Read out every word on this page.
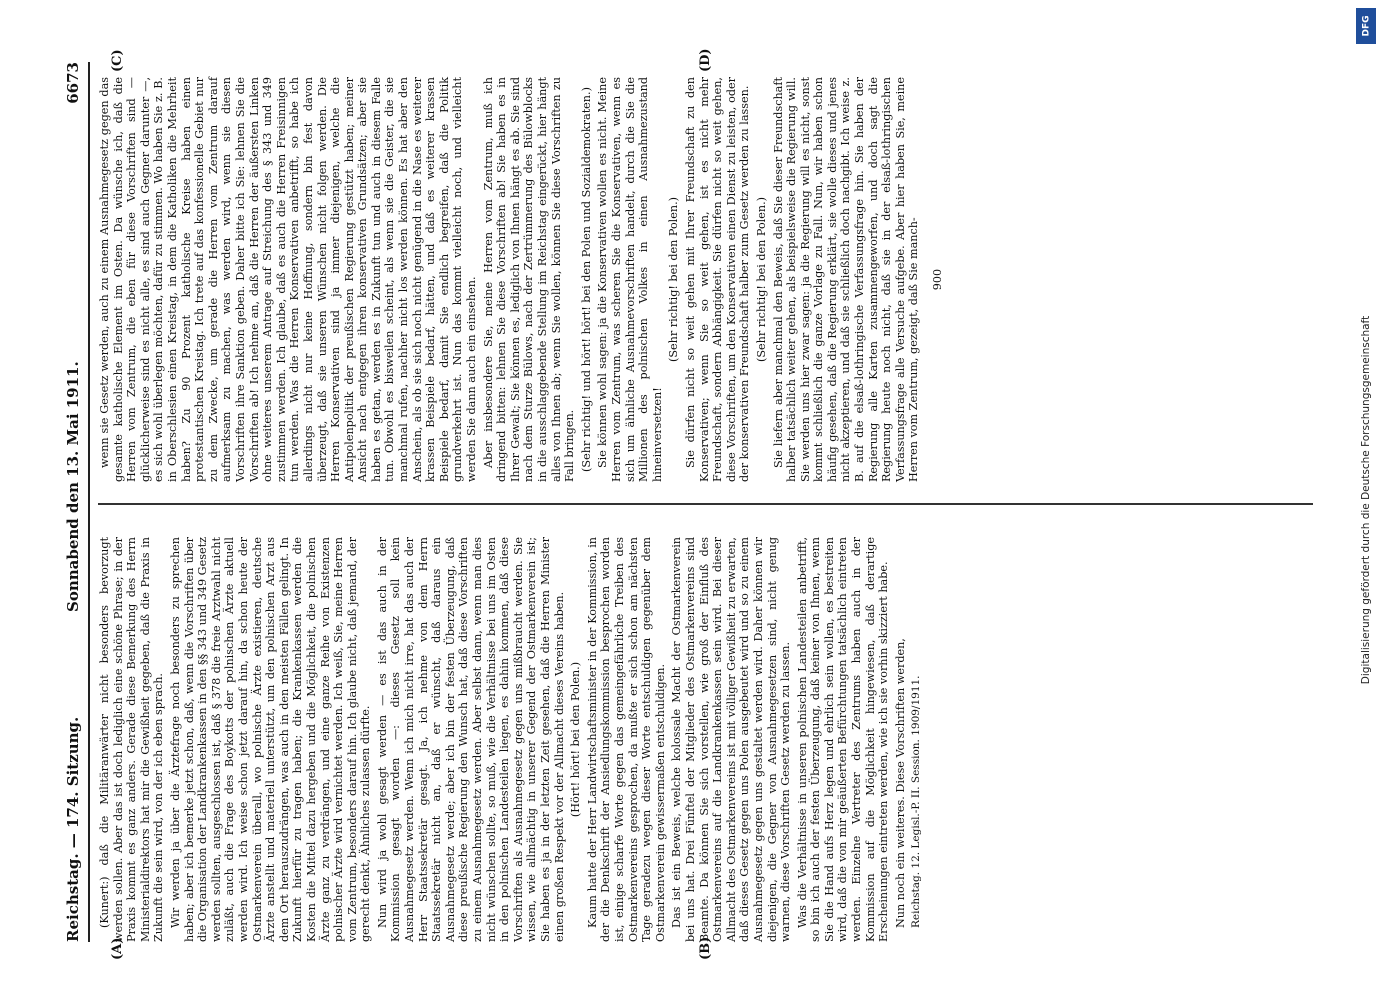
Reichstag. — 174. Sitzung.
Sonnabend den 13. Mai 1911.
6673
(A)	(B)
(C)	(D)

(Kunert:) daß die Militäranwärter nicht besonders bevorzugt werden sollen. Aber das ist doch lediglich eine schöne Phrase; in der Praxis kommt es ganz anders. Gerade diese Bemerkung des Herrn Ministerialdirektors hat mir die Gewißheit gegeben, daß die Praxis in Zukunft die sein wird, von der ich eben sprach. Wir werden ja über die Ärztefrage noch besonders zu sprechen haben; aber ich bemerke jetzt schon, daß, wenn die Vorschriften über die Organisation der Landkrankenkassen in den §§ 343 und 349 Gesetz werden sollten, ausgeschlossen ist, daß § 378 die freie Arztwahl nicht zuläßt, auch die Frage des Boykotts der polnischen Ärzte aktuell werden wird. Ich weise schon jetzt darauf hin, da schon heute der Ostmarkenverein überall, wo polnische Ärzte existieren, deutsche Ärzte anstellt und materiell unterstützt, um den polnischen Arzt aus dem Ort herauszudrängen, was auch in den meisten Fällen gelingt. In Zukunft hierfür zu tragen haben; die Krankenkassen werden die Kosten die Mittel dazu hergeben und die Möglichkeit, die polnischen Ärzte ganz zu verdrängen, und eine ganze Reihe von Existenzen polnischer Ärzte wird vernichtet werden. Ich weiß, Sie, meine Herren vom Zentrum, besonders darauf hin. Ich glaube nicht, daß jemand, der gerecht denkt, Ähnliches zulassen dürfte. Nun wird ja wohl gesagt werden — es ist das auch in der Kommission gesagt worden —: dieses Gesetz soll kein Ausnahmegesetz werden. Wenn ich mich nicht irre, hat das auch der Herr Staatssekretär gesagt. Ja, ich nehme von dem Herrn Staatssekretär nicht an, daß er wünscht, daß daraus ein Ausnahmegesetz werde; aber ich bin der festen Überzeugung, daß diese preußische Regierung den Wunsch hat, daß diese Vorschriften zu einem Ausnahmegesetz werden. Aber selbst dann, wenn man dies nicht wünschen sollte, so muß, wie die Verhältnisse bei uns im Osten in den polnischen Landesteilen liegen, es dahin kommen, daß diese Vorschriften als Ausnahmegesetz gegen uns mißbraucht werden. Sie wissen, wie allmächtig in unserer Gegend der Ostmarkenverein ist; Sie haben es ja in der letzten Zeit gesehen, daß die Herren Minister einen großen Respekt vor der Allmacht dieses Vereins haben. (Hört! hört! bei den Polen.) Kaum hatte der Herr Landwirtschaftsminister in der Kommission, in der die Denkschrift der Ansiedlungskommission besprochen worden ist, einige scharfe Worte gegen das gemeingefährliche Treiben des Ostmarkenvereins gesprochen, da mußte er sich schon am nächsten Tage geradezu wegen dieser Worte entschuldigen gegenüber dem Ostmarkenverein gewissermaßen entschuldigen. Das ist ein Beweis, welche kolossale Macht der Ostmarkenverein bei uns hat. Drei Fünftel der Mitglieder des Ostmarkenvereins sind Beamte. Da können Sie sich vorstellen, wie groß der Einfluß des Ostmarkenvereins auf die Landkrankenkassen sein wird. Bei dieser Allmacht des Ostmarkenvereins ist mit völliger Gewißheit zu erwarten, daß dieses Gesetz gegen uns Polen ausgebeutet wird und so zu einem Ausnahmegesetz gegen uns gestaltet werden wird. Daher können wir diejenigen, die Gegner von Ausnahmegesetzen sind, nicht genug warnen, diese Vorschriften Gesetz werden zu lassen. Was die Verhältnisse in unseren polnischen Landesteilen anbetrifft, so bin ich auch der festen Überzeugung, daß keiner von Ihnen, wenn Sie die Hand aufs Herz legen und ehrlich sein wollen, es bestreiten wird, daß die von mir geäußerten Befürchtungen tatsächlich eintreten werden. Einzelne Vertreter des Zentrums haben auch in der Kommission auf die Möglichkeit hingewiesen, daß derartige Erscheinungen eintreten werden, wie ich sie vorhin skizziert habe. Nun noch ein weiteres. Diese Vorschriften werden, Reichstag. 12. Legisl.-P. II. Session. 1909/1911.

wenn sie Gesetz werden, auch zu einem Ausnahmegesetz gegen das gesamte katholische Element im Osten. Da wünsche ich, daß die Herren vom Zentrum, die eben für diese Vorschriften sind — glücklicherweise sind es nicht alle, es sind auch Gegner darunter —, es sich wohl überlegen möchten, dafür zu stimmen. Wo haben Sie z. B. in Oberschlesien einen Kreistag, in dem die Katholiken die Mehrheit haben? Zu 90 Prozent katholische Kreise haben einen protestantischen Kreistag. Ich trete auf das konfessionelle Gebiet nur zu dem Zwecke, um gerade die Herren vom Zentrum darauf aufmerksam zu machen, was werden wird, wenn sie diesen Vorschriften ihre Sanktion geben. Daher bitte ich Sie: lehnen Sie die Vorschriften ab! Ich nehme an, daß die Herren der äußersten Linken ohne weiteres unserem Antrage auf Streichung des § 343 und 349 zustimmen werden. Ich glaube, daß es auch die Herren Freisinnigen tun werden. Was die Herren Konservativen anbetrifft, so habe ich allerdings nicht nur keine Hoffnung, sondern bin fest davon überzeugt, daß sie unseren Wünschen nicht folgen werden. Die Herren Konservativen sind ja immer diejenigen, welche die Antipolenpolitik der preußischen Regierung gestützt haben; meiner Ansicht nach entgegen ihren konservativen Grundsätzen; aber sie haben es getan, werden es in Zukunft tun und auch in diesem Falle tun. Obwohl es bisweilen scheint, als wenn sie die Geister, die sie manchmal rufen, nachher nicht los werden können. Es hat aber den Anschein, als ob sie sich noch nicht genügend in die Nase es weiterer krassen Beispiele bedarf, hätten, und daß es weiterer krassen Beispiele bedarf, damit Sie endlich begreifen, daß die Politik grundverkehrt ist. Nun das kommt vielleicht noch, und vielleicht werden Sie dann auch ein einsehen. Aber insbesondere Sie, meine Herren vom Zentrum, muß ich dringend bitten: lehnen Sie diese Vorschriften ab! Sie haben es in Ihrer Gewalt; Sie können es, lediglich von Ihnen hängt es ab. Sie sind nach dem Sturze Bülows, nach der Zertrümmerung des Bülowblocks in die ausschlaggebende Stellung im Reichstag eingerückt, hier hängt alles von Ihnen ab; wenn Sie wollen, können Sie diese Vorschriften zu Fall bringen. (Sehr richtig! und hört! hört! bei den Polen und Sozialdemokraten.) Sie können wohl sagen: ja die Konservativen wollen es nicht. Meine Herren vom Zentrum, was scheren Sie die Konservativen, wenn es sich um ähnliche Ausnahmevorschriften handelt, durch die Sie die Millionen des polnischen Volkes in einen Ausnahmezustand hineinversetzen!

(Sehr richtig! bei den Polen.) Sie dürfen nicht so weit gehen mit Ihrer Freundschaft zu den Konservativen; wenn Sie so weit gehen, ist es nicht mehr Freundschaft, sondern Abhängigkeit. Sie dürfen nicht so weit gehen, diese Vorschriften, um den Konservativen einen Dienst zu leisten, oder der konservativen Freundschaft halber zum Gesetz werden zu lassen. (Sehr richtig! bei den Polen.) Sie liefern aber manchmal den Beweis, daß Sie dieser Freundschaft halber tatsächlich weiter gehen, als beispielsweise die Regierung will. Sie werden uns hier zwar sagen: ja die Regierung will es nicht, sonst kommt schließlich die ganze Vorlage zu Fall. Nun, wir haben schon häufig gesehen, daß die Regierung erklärt, sie wolle dieses und jenes nicht akzeptieren, und daß sie schließlich doch nachgibt. Ich weise z. B. auf die elsaß-lothringische Verfassungsfrage hin. Sie haben der Regierung alle Karten zusammengeworfen, und doch sagt die Regierung heute noch nicht, daß sie in der elsaß-lothringischen Verfassungsfrage alle Versuche aufgebe. Aber hier haben Sie, meine Herren vom Zentrum, gezeigt, daß Sie manch- 900
Digitalisierung gefördert durch die Deutsche Forschungsgemeinschaft
DFG
